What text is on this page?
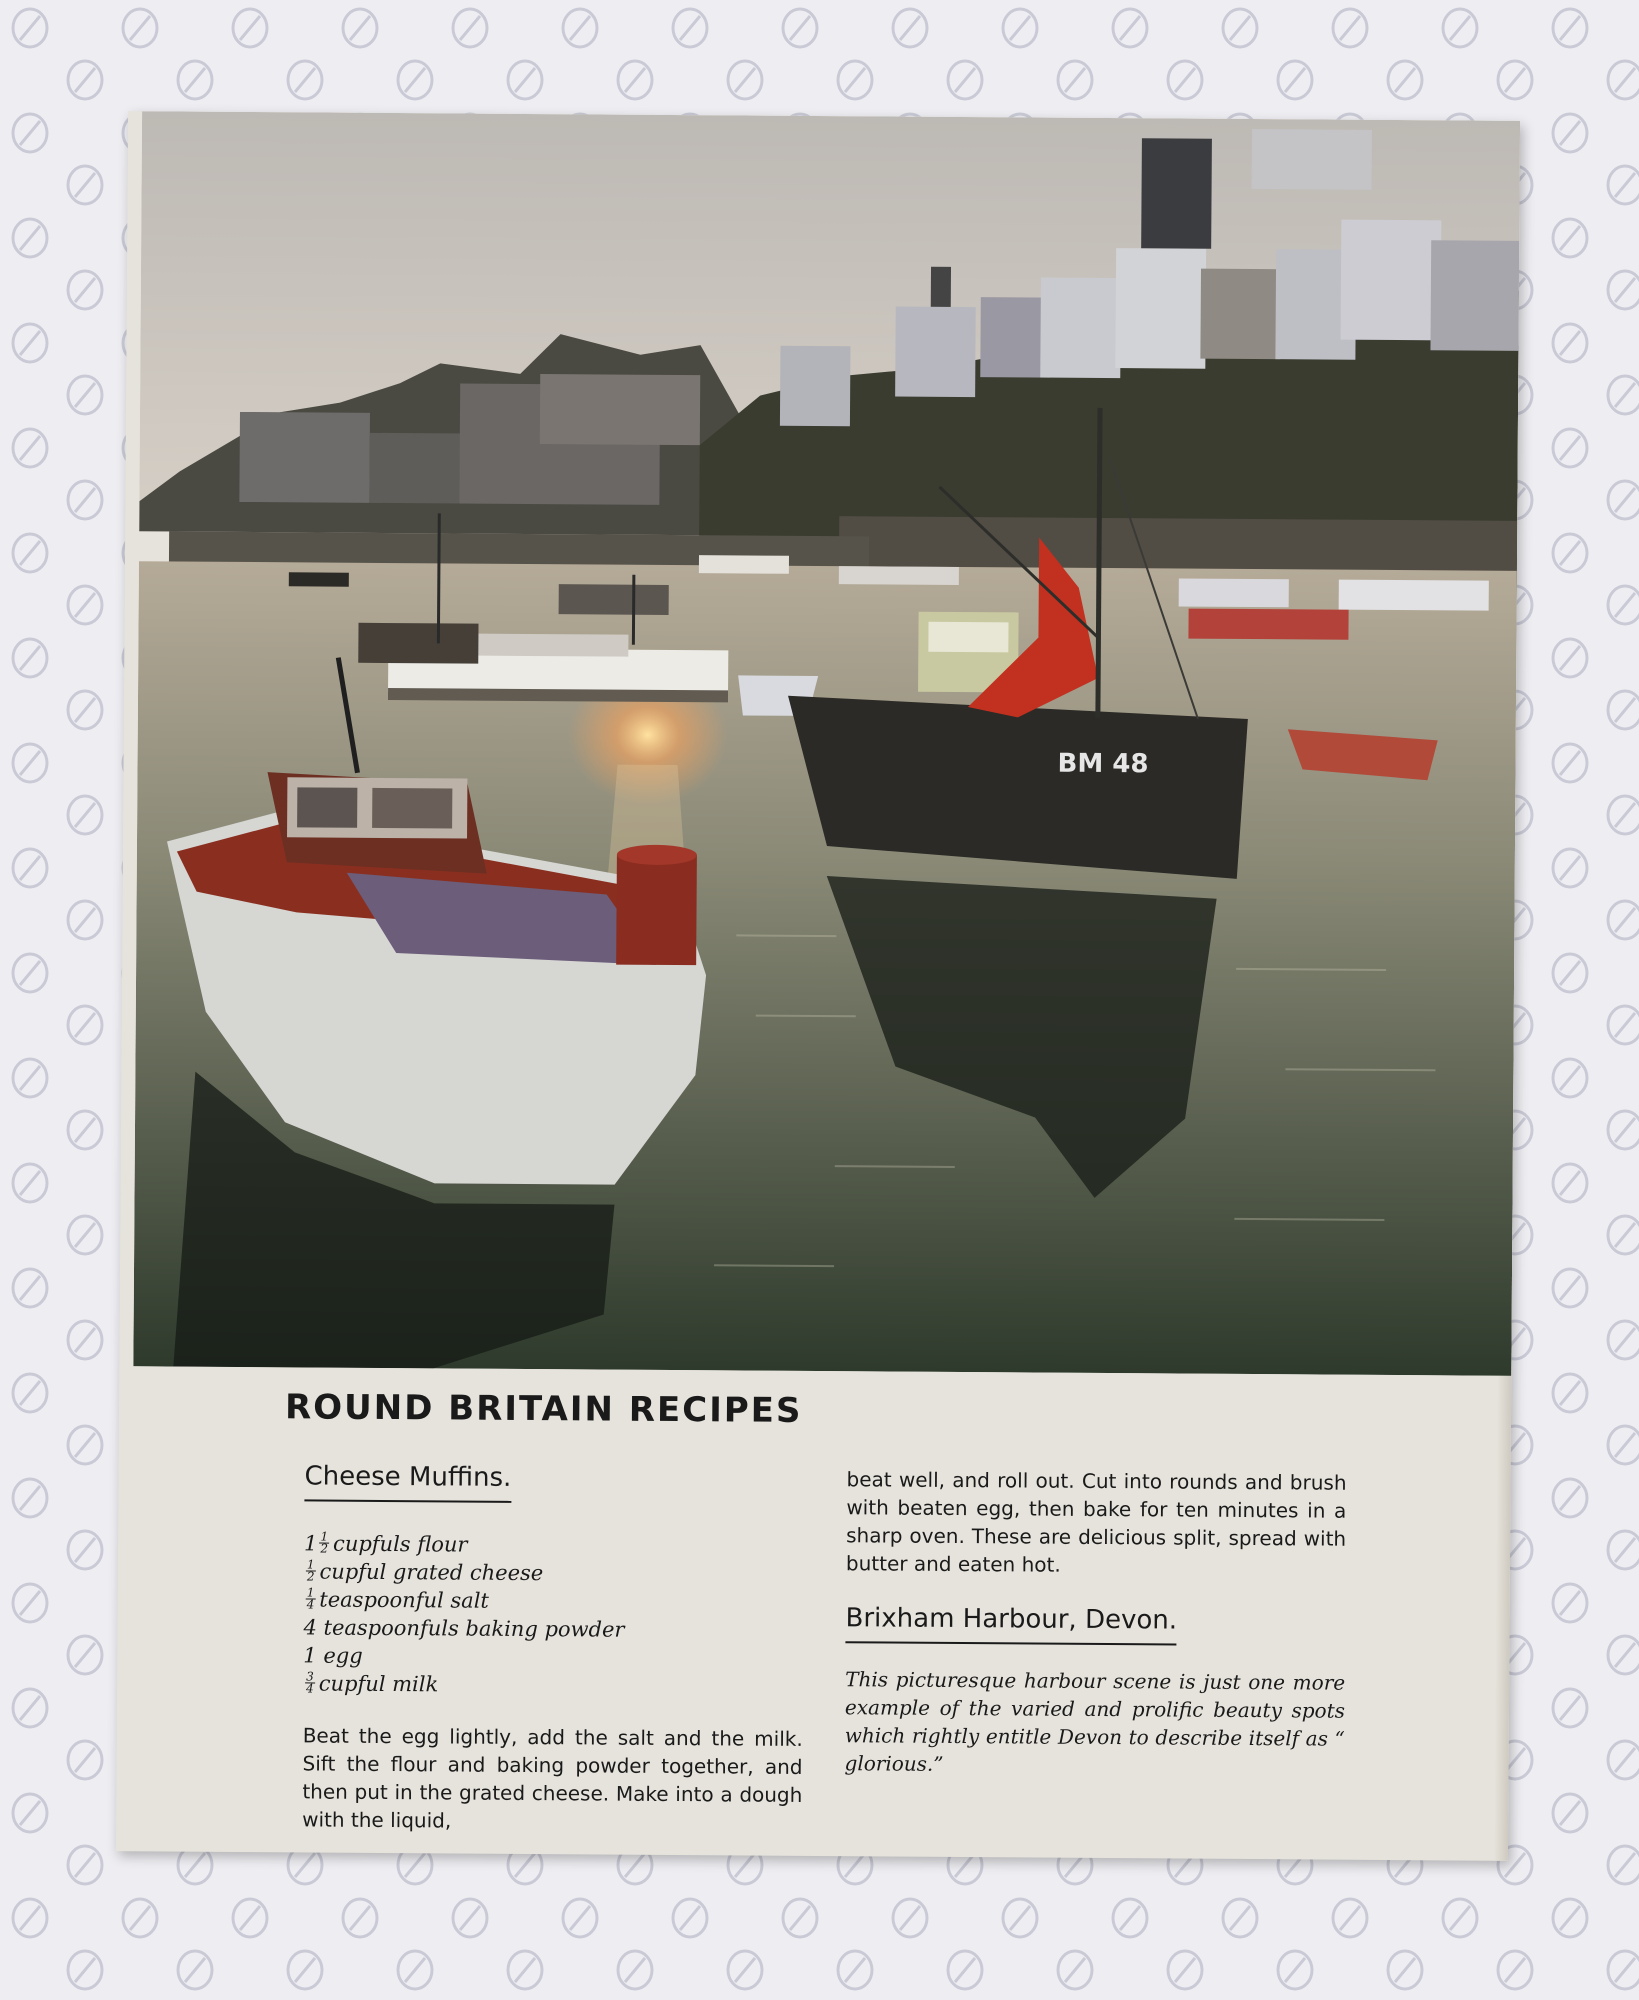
BM 48
ROUND BRITAIN RECIPES
Cheese Muffins.
$1 \frac{1}{2}$ cupfuls flour
$\frac{1}{2}$ cupful grated cheese
$\frac{1}{4}$ teaspoonful salt
4 teaspoonfuls baking powder
1 egg
$\frac{3}{4}$ cupful milk

Beat the egg lightly, add the salt and the milk. Sift the flour and baking powder together, and then put in the grated cheese. Make into a dough with the liquid,

beat well, and roll out. Cut into rounds and brush with beaten egg, then bake for ten minutes in a sharp oven. These are delicious split, spread with butter and eaten hot.

Brixham Harbour, Devon.

This picturesque harbour scene is just one more example of the varied and prolific beauty spots which rightly entitle Devon to describe itself as “ glorious.”
